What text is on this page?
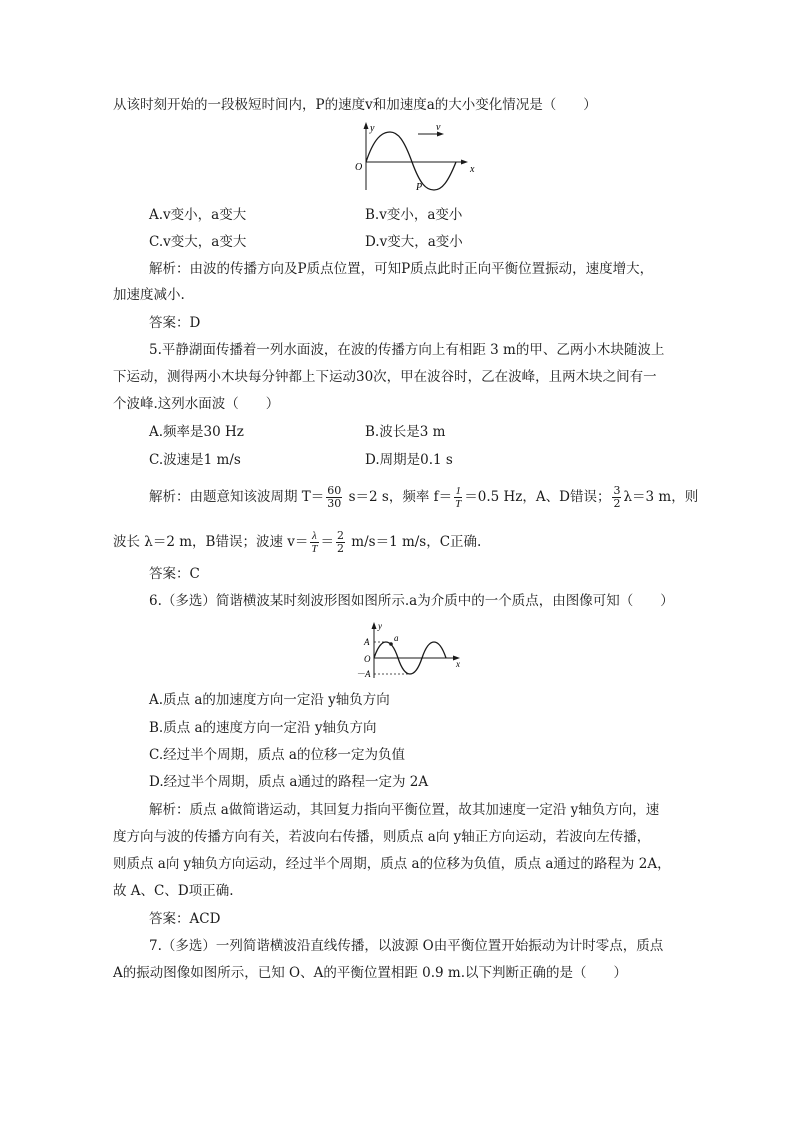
从该时刻开始的一段极短时间内，P的速度v和加速度a的大小变化情况是（　　）
y
x
O
v
P
A.v变小，a变大	B.v变小，a变小
C.v变大，a变大	D.v变大，a变小
解析：由波的传播方向及P质点位置，可知P质点此时正向平衡位置振动，速度增大，
加速度减小.
答案：D
5.平静湖面传播着一列水面波，在波的传播方向上有相距 3 m的甲、乙两小木块随波上
下运动，测得两小木块每分钟都上下运动30次，甲在波谷时，乙在波峰，且两木块之间有一
个波峰.这列水面波（　　）
A.频率是30 Hz	B.波长是3 m
C.波速是1 m/s	D.周期是0.1 s
解析：由题意知该波周期 $T= \frac{60}{30} s=2$ s，频率 $f= \frac{1}{T} =0.5$ Hz，A、D错误； $\frac{3}{2} \lambda=3$ m，则
波长 λ＝2 m，B错误；波速 $v= \frac{\lambda}{T} = \frac{2}{2} m/s=1$ m/s，C正确.
答案：C
6.（多选）简谐横波某时刻波形图如图所示.a为介质中的一个质点，由图像可知（　　）
y
x
O
A
－A
a
A.质点 a的加速度方向一定沿 y轴负方向
B.质点 a的速度方向一定沿 y轴负方向
C.经过半个周期，质点 a的位移一定为负值
D.经过半个周期，质点 a通过的路程一定为 2A
解析：质点 a做简谐运动，其回复力指向平衡位置，故其加速度一定沿 y轴负方向，速
度方向与波的传播方向有关，若波向右传播，则质点 a向 y轴正方向运动，若波向左传播，
则质点 a向 y轴负方向运动，经过半个周期，质点 a的位移为负值，质点 a通过的路程为 2A，
故 A、C、D项正确.
答案：ACD
7.（多选）一列简谐横波沿直线传播，以波源 O由平衡位置开始振动为计时零点，质点
A的振动图像如图所示，已知 O、A的平衡位置相距 0.9 m.以下判断正确的是（　　）
